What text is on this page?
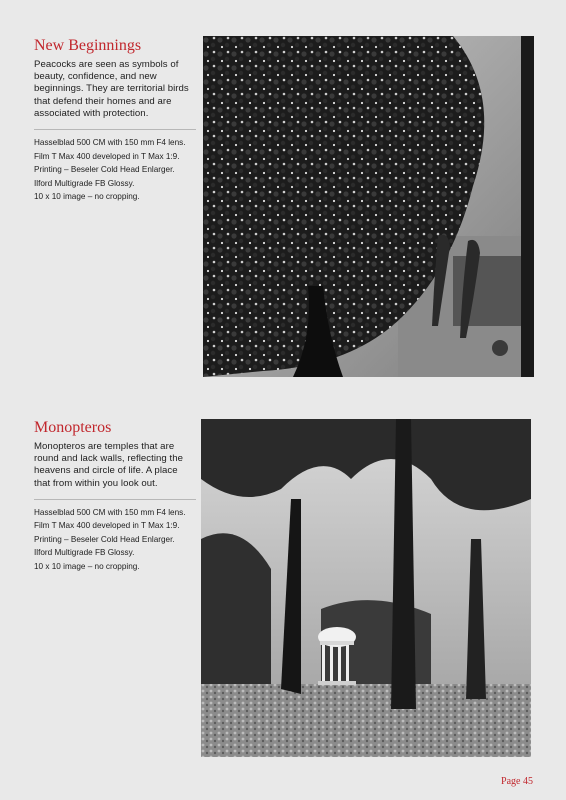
New Beginnings

Peacocks are seen as symbols of beauty, confidence, and new beginnings. They are territorial birds that defend their homes and are associated with protection.

Hasselblad 500 CM with 150 mm F4 lens.
Film T Max 400 developed in T Max 1:9.
Printing – Beseler Cold Head Enlarger.
Ilford Multigrade FB Glossy.
10 x 10 image – no cropping.
Monopteros

Monopteros are temples that are round and lack walls, reflecting the heavens and circle of life. A place that from within you look out.

Hasselblad 500 CM with 150 mm F4 lens.
Film T Max 400 developed in T Max 1:9.
Printing – Beseler Cold Head Enlarger.
Ilford Multigrade FB Glossy.
10 x 10 image – no cropping.
Page 45
